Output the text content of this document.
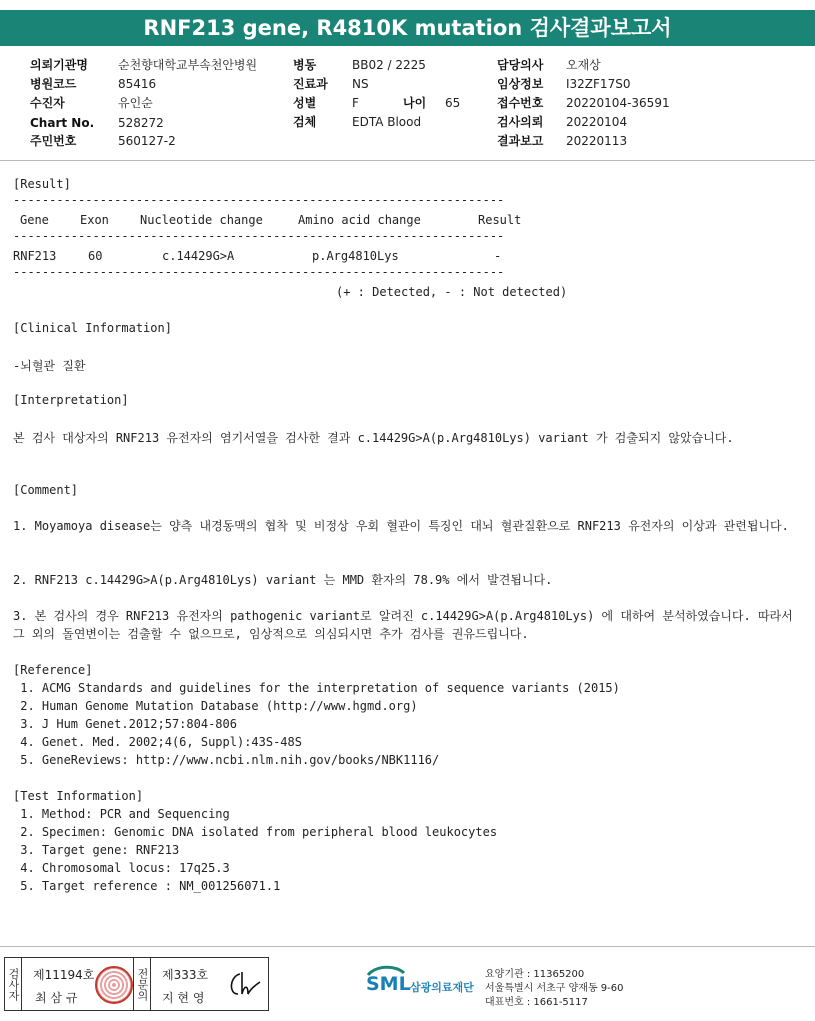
RNF213 gene, R4810K mutation 검사결과보고서
의뢰기관명	순천향대학교부속천안병원
병원코드	85416
수진자	유인순
Chart No. 528272
주민번호	560127-2
병동	BB02 / 2225
진료과 NS
성별	F	나이 65
검체	EDTA Blood
담당의사 오재상
임상정보 I32ZF17S0
접수번호 20220104-36591
검사의뢰 20220104
결과보고 20220113
[Result]
--------------------------------------------------------------------
Gene	Exon	Nucleotide change	Amino acid change	Result
--------------------------------------------------------------------
RNF213	60	c.14429G>A	p.Arg4810Lys	-
--------------------------------------------------------------------
(+ : Detected, - : Not detected)
[Clinical Information]
-뇌혈관 질환
[Interpretation]
본 검사 대상자의 RNF213 유전자의 염기서열을 검사한 결과 c.14429G>A(p.Arg4810Lys) variant 가 검출되지 않았습니다.
[Comment]
1. Moyamoya disease는 양측 내경동맥의 협착 및 비정상 우회 혈관이 특징인 대뇌 혈관질환으로 RNF213 유전자의 이상과 관련됩니다.
2. RNF213 c.14429G>A(p.Arg4810Lys) variant 는 MMD 환자의 78.9% 에서 발견됩니다.
3. 본 검사의 경우 RNF213 유전자의 pathogenic variant로 알려진 c.14429G>A(p.Arg4810Lys) 에 대하여 분석하였습니다. 따라서 그 외의 돌연변이는 검출할 수 없으므로, 임상적으로 의심되시면 추가 검사를 권유드립니다.
[Reference]
1. ACMG Standards and guidelines for the interpretation of sequence variants (2015)
2. Human Genome Mutation Database (http://www.hgmd.org)
3. J Hum Genet.2012;57:804-806
4. Genet. Med. 2002;4(6, Suppl):43S-48S
5. GeneReviews: http://www.ncbi.nlm.nih.gov/books/NBK1116/
[Test Information]
1. Method: PCR and Sequencing
2. Specimen: Genomic DNA isolated from peripheral blood leukocytes
3. Target gene: RNF213
4. Chromosomal locus: 17q25.3
5. Target reference : NM_001256071.1
검사자 제11194호
최 삼 규	전문의 제333호
지 현 영
SML 삼광의료재단
요양기관 : 11365200
서울특별시 서초구 양재동 9-60
대표번호 : 1661-5117
